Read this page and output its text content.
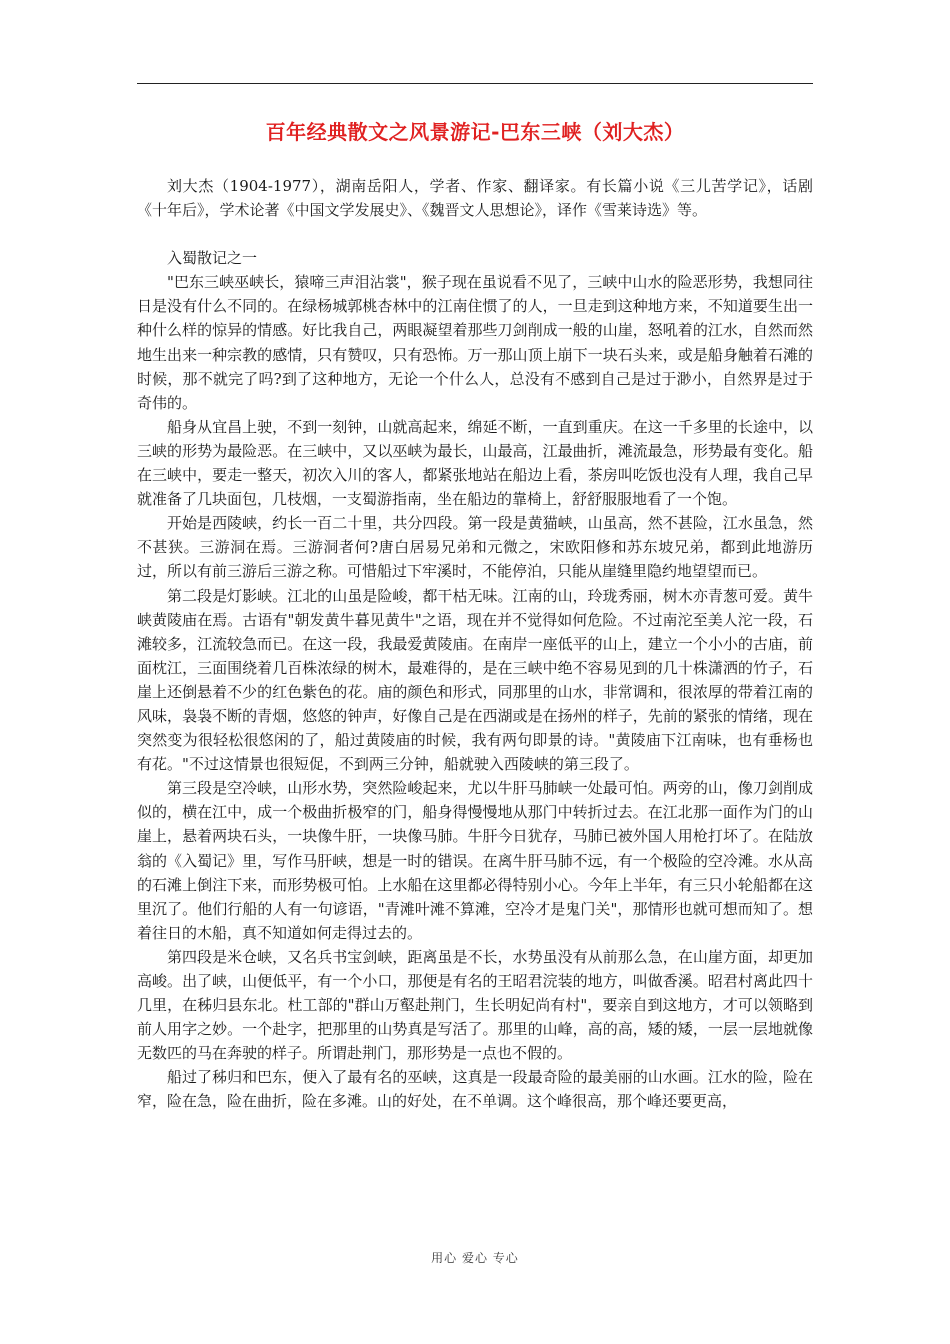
百年经典散文之风景游记-巴东三峡（刘大杰）

刘大杰（1904-1977），湖南岳阳人，学者、作家、翻译家。有长篇小说《三儿苦学记》，话剧《十年后》，学术论著《中国文学发展史》、《魏晋文人思想论》，译作《雪莱诗选》等。

入蜀散记之一

"巴东三峡巫峡长，猿啼三声泪沾裳"，猴子现在虽说看不见了，三峡中山水的险恶形势，我想同往日是没有什么不同的。在绿杨城郭桃杏林中的江南住惯了的人，一旦走到这种地方来，不知道要生出一种什么样的惊异的情感。好比我自己，两眼凝望着那些刀剑削成一般的山崖，怒吼着的江水，自然而然地生出来一种宗教的感情，只有赞叹，只有恐怖。万一那山顶上崩下一块石头来，或是船身触着石滩的时候，那不就完了吗?到了这种地方，无论一个什么人，总没有不感到自己是过于渺小，自然界是过于奇伟的。

船身从宜昌上驶，不到一刻钟，山就高起来，绵延不断，一直到重庆。在这一千多里的长途中，以三峡的形势为最险恶。在三峡中，又以巫峡为最长，山最高，江最曲折，滩流最急，形势最有变化。船在三峡中，要走一整天，初次入川的客人，都紧张地站在船边上看，茶房叫吃饭也没有人理，我自己早就准备了几块面包，几枝烟，一支蜀游指南，坐在船边的靠椅上，舒舒服服地看了一个饱。

开始是西陵峡，约长一百二十里，共分四段。第一段是黄猫峡，山虽高，然不甚险，江水虽急，然不甚狭。三游洞在焉。三游洞者何?唐白居易兄弟和元微之，宋欧阳修和苏东坡兄弟，都到此地游历过，所以有前三游后三游之称。可惜船过下牢溪时，不能停泊，只能从崖缝里隐约地望望而已。

第二段是灯影峡。江北的山虽是险峻，都干枯无味。江南的山，玲珑秀丽，树木亦青葱可爱。黄牛峡黄陵庙在焉。古语有"朝发黄牛暮见黄牛"之语，现在并不觉得如何危险。不过南沱至美人沱一段，石滩较多，江流较急而已。在这一段，我最爱黄陵庙。在南岸一座低平的山上，建立一个小小的古庙，前面枕江，三面围绕着几百株浓绿的树木，最难得的，是在三峡中绝不容易见到的几十株潇洒的竹子，石崖上还倒悬着不少的红色紫色的花。庙的颜色和形式，同那里的山水，非常调和，很浓厚的带着江南的风味，袅袅不断的青烟，悠悠的钟声，好像自己是在西湖或是在扬州的样子，先前的紧张的情绪，现在突然变为很轻松很悠闲的了，船过黄陵庙的时候，我有两句即景的诗。"黄陵庙下江南味，也有垂杨也有花。"不过这情景也很短促，不到两三分钟，船就驶入西陵峡的第三段了。

第三段是空冷峡，山形水势，突然险峻起来，尤以牛肝马肺峡一处最可怕。两旁的山，像刀剑削成似的，横在江中，成一个极曲折极窄的门，船身得慢慢地从那门中转折过去。在江北那一面作为门的山崖上，悬着两块石头，一块像牛肝，一块像马肺。牛肝今日犹存，马肺已被外国人用枪打坏了。在陆放翁的《入蜀记》里，写作马肝峡，想是一时的错误。在离牛肝马肺不远，有一个极险的空冷滩。水从高的石滩上倒注下来，而形势极可怕。上水船在这里都必得特别小心。今年上半年，有三只小轮船都在这里沉了。他们行船的人有一句谚语，"青滩叶滩不算滩，空冷才是鬼门关"，那情形也就可想而知了。想着往日的木船，真不知道如何走得过去的。

第四段是米仓峡，又名兵书宝剑峡，距离虽是不长，水势虽没有从前那么急，在山崖方面，却更加高峻。出了峡，山便低平，有一个小口，那便是有名的王昭君浣装的地方，叫做香溪。昭君村离此四十几里，在秭归县东北。杜工部的"群山万壑赴荆门，生长明妃尚有村"，要亲自到这地方，才可以领略到前人用字之妙。一个赴字，把那里的山势真是写活了。那里的山峰，高的高，矮的矮，一层一层地就像无数匹的马在奔驶的样子。所谓赴荆门，那形势是一点也不假的。

船过了秭归和巴东，便入了最有名的巫峡，这真是一段最奇险的最美丽的山水画。江水的险，险在窄，险在急，险在曲折，险在多滩。山的好处，在不单调。这个峰很高，那个峰还要更高，

用心 爱心 专心
